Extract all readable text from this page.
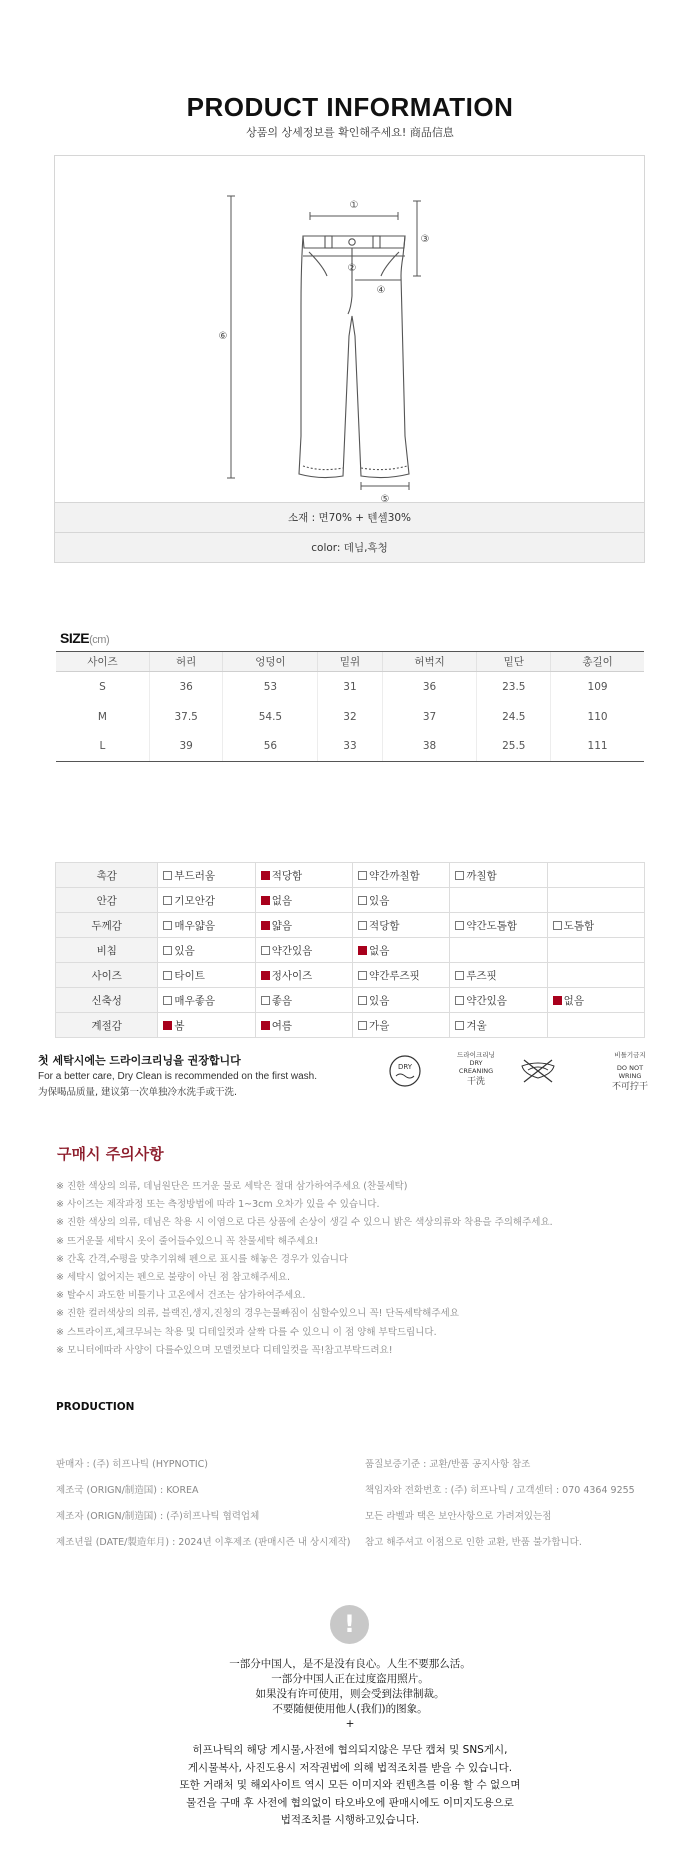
PRODUCT INFORMATION
상품의 상세정보를 확인해주세요! 商品信息
①
②
③
④
⑤
⑥
소재 : 면70% + 텐셀30%
color: 데님,흑청
SIZE(cm)
사이즈	허리	엉덩이	밑위	허벅지	밑단	총길이
S	36	53	31	36	23.5	109
M	37.5	54.5	32	37	24.5	110
L	39	56	33	38	25.5	111
촉감	부드러움	적당함	약간까칠함	까칠함	
안감	기모안감	없음	있음		
두께감	매우얇음	얇음	적당함	약간도톰함	도톰함
비침	있음	약간있음	없음		
사이즈	타이트	정사이즈	약간루즈핏	루즈핏	
신축성	매우좋음	좋음	있음	약간있음	없음
계절감	봄	여름	가을	겨울	
첫 세탁시에는 드라이크리닝을 권장합니다
For a better care, Dry Clean is recommended on the first wash.
为保喝品质量, 建议第一次单独冷水洗手或干洗.
DRY
드라이크리닝
DRY CREANING
干洗
비틀기금지
DO NOT WRING
不可拧干
구매시 주의사항
※ 진한 색상의 의류, 데님원단은 뜨거운 물로 세탁은 절대 삼가하여주세요 (찬물세탁)
※ 사이즈는 제작과정 또는 측정방법에 따라 1~3cm 오차가 있을 수 있습니다.
※ 진한 색상의 의류, 데님은 착용 시 이염으로 다른 상품에 손상이 생길 수 있으니 밝은 색상의류와 착용을 주의해주세요.
※ 뜨거운물 세탁시 옷이 줄어들수있으니 꼭 찬물세탁 해주세요!
※ 간혹 간격,수평을 맞추기위해 펜으로 표시를 해놓은 경우가 있습니다
※ 세탁시 없어지는 펜으로 불량이 아닌 점 참고해주세요.
※ 탈수시 과도한 비틀기나 고온에서 건조는 삼가하여주세요.
※ 진한 컬러색상의 의류, 블랙진,생지,진청의 경우는물빠짐이 심할수있으니 꼭! 단독세탁해주세요
※ 스트라이프,체크무늬는 착용 및 디테일컷과 살짝 다를 수 있으니 이 점 양해 부탁드립니다.
※ 모니터에따라 사양이 다를수있으며 모델컷보다 디테일컷을 꼭!참고부탁드려요!
PRODUCTION
판매자 : (주) 히프나틱 (HYPNOTIC)
제조국 (ORIGN/制造国) : KOREA
제조자 (ORIGN/制造国) : (주)히프나틱 협력업체
제조년월 (DATE/製造年月) : 2024년 이후제조 (판매시즌 내 상시제작)
품질보증기준 : 교환/반품 공지사항 참조
책임자와 전화번호 : (주) 히프나틱 / 고객센터 : 070 4364 9255
모든 라벨과 택은 보안사항으로 가려져있는점
참고 해주셔고 이점으로 인한 교환, 반품 불가합니다.
!
一部分中国人，是不是没有良心。人生不要那么活。
一部分中国人正在过度盗用照片。
如果没有许可使用，则会受到法律制裁。
不要随便使用他人(我们)的图象。
+
히프나틱의 해당 게시물,사전에 협의되지않은 무단 캡쳐 및 SNS게시,
게시물복사, 사진도용시 저작권법에 의해 법적조치를 받을 수 있습니다.
또한 거래처 및 해외사이트 역시 모든 이미지와 컨텐츠를 이용 할 수 없으며
물건을 구매 후 사전에 협의없이 타오바오에 판매시에도 이미지도용으로
법적조치를 시행하고있습니다.
